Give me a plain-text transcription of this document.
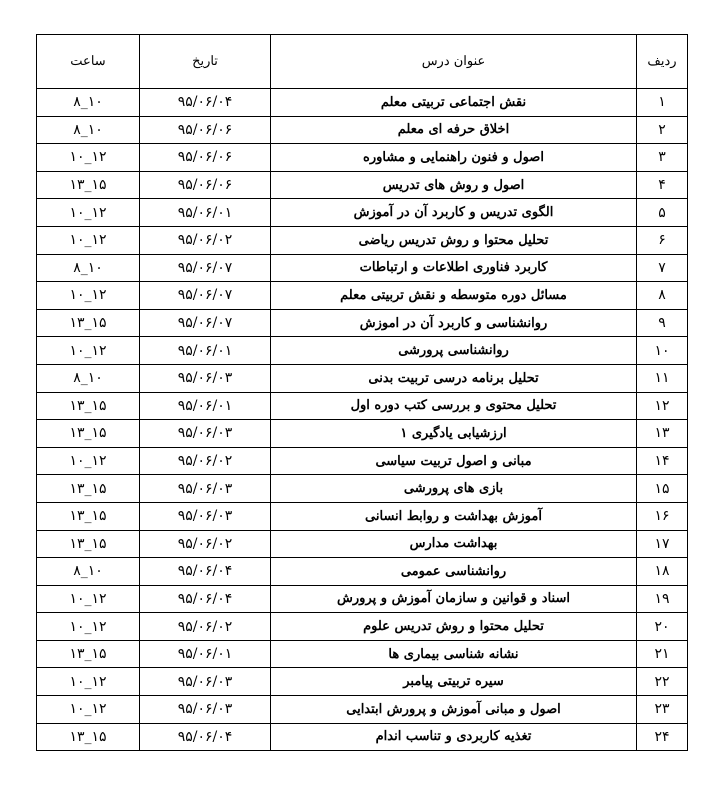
ردیف	عنوان درس	تاریخ	ساعت
۱	نقش اجتماعی تربیتی معلم	۹۵/۰۶/۰۴	۸_۱۰
۲	اخلاق حرفه ای معلم	۹۵/۰۶/۰۶	۸_۱۰
۳	اصول و فنون راهنمایی و مشاوره	۹۵/۰۶/۰۶	۱۰_۱۲
۴	اصول و روش های تدریس	۹۵/۰۶/۰۶	۱۳_۱۵
۵	الگوی تدریس و کاربرد آن در آموزش	۹۵/۰۶/۰۱	۱۰_۱۲
۶	تحلیل محتوا و روش تدریس ریاضی	۹۵/۰۶/۰۲	۱۰_۱۲
۷	کاربرد فناوری اطلاعات و ارتباطات	۹۵/۰۶/۰۷	۸_۱۰
۸	مسائل دوره متوسطه و نقش تربیتی معلم	۹۵/۰۶/۰۷	۱۰_۱۲
۹	روانشناسی و کاربرد آن در اموزش	۹۵/۰۶/۰۷	۱۳_۱۵
۱۰	روانشناسی پرورشی	۹۵/۰۶/۰۱	۱۰_۱۲
۱۱	تحلیل برنامه درسی تربیت بدنی	۹۵/۰۶/۰۳	۸_۱۰
۱۲	تحلیل محتوی و بررسی کتب دوره اول	۹۵/۰۶/۰۱	۱۳_۱۵
۱۳	ارزشیابی یادگیری ۱	۹۵/۰۶/۰۳	۱۳_۱۵
۱۴	مبانی و اصول تربیت سیاسی	۹۵/۰۶/۰۲	۱۰_۱۲
۱۵	بازی های پرورشی	۹۵/۰۶/۰۳	۱۳_۱۵
۱۶	آموزش بهداشت و روابط انسانی	۹۵/۰۶/۰۳	۱۳_۱۵
۱۷	بهداشت مدارس	۹۵/۰۶/۰۲	۱۳_۱۵
۱۸	روانشناسی عمومی	۹۵/۰۶/۰۴	۸_۱۰
۱۹	اسناد و قوانین و سازمان آموزش و پرورش	۹۵/۰۶/۰۴	۱۰_۱۲
۲۰	تحلیل محتوا و روش تدریس علوم	۹۵/۰۶/۰۲	۱۰_۱۲
۲۱	نشانه شناسی بیماری ها	۹۵/۰۶/۰۱	۱۳_۱۵
۲۲	سیره تربیتی پیامبر	۹۵/۰۶/۰۳	۱۰_۱۲
۲۳	اصول و مبانی آموزش و پرورش ابتدایی	۹۵/۰۶/۰۳	۱۰_۱۲
۲۴	تغذیه کاربردی و تناسب اندام	۹۵/۰۶/۰۴	۱۳_۱۵
